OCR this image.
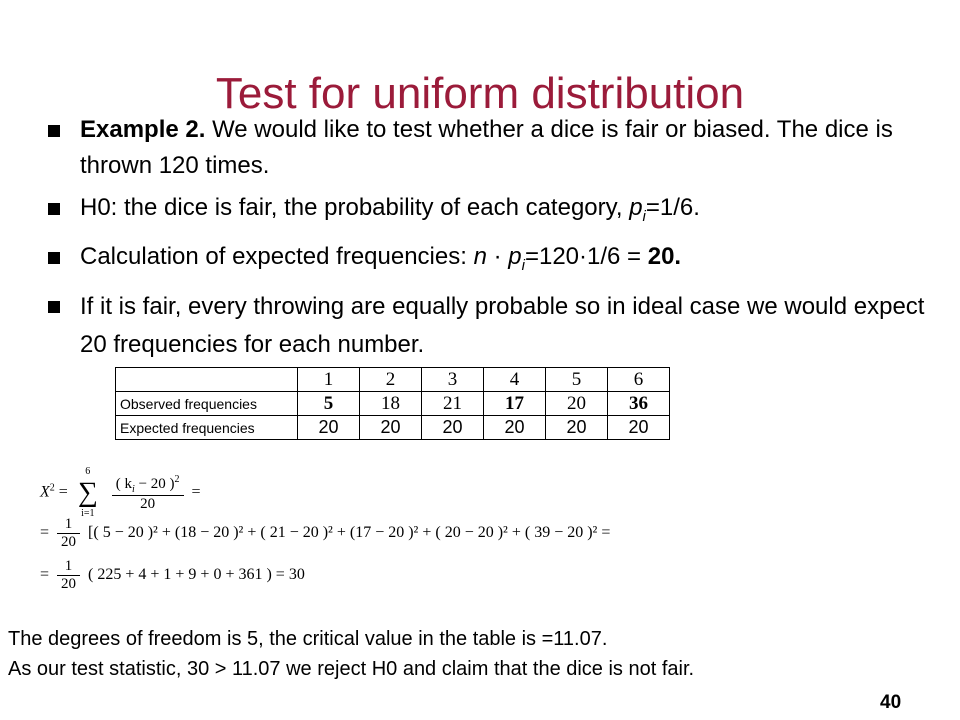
Test for uniform distribution
Example 2. We would like to test whether a dice is fair or biased. The dice is thrown 120 times.
H0: the dice is fair, the probability of each category, $p_i=1/6$.
Calculation of expected frequencies: $n \cdot p_i=120\cdot 1/6 = 20$.
If it is fair, every throwing are equally probable so in ideal case we would expect 20 frequencies for each number.
	1	2	3	4	5	6
Observed frequencies	5	18	21	17	20	36
Expected frequencies	20	20	20	20	20	20
$X^2$ =
6
∑
i=1

$\frac{( k_i - 20 )^2}{20}$ =
= $\frac{1}{20}$ [( 5 − 20 )² + (18 − 20 )² + ( 21 − 20 )² + (17 − 20 )² + ( 20 − 20 )² + ( 39 − 20 )² =
= $\frac{1}{20}$ ( 225 + 4 + 1 + 9 + 0 + 361 ) = 30
The degrees of freedom is 5, the critical value in the table is =11.07.
As our test statistic, 30 > 11.07 we reject H0 and claim that the dice is not fair.
40
